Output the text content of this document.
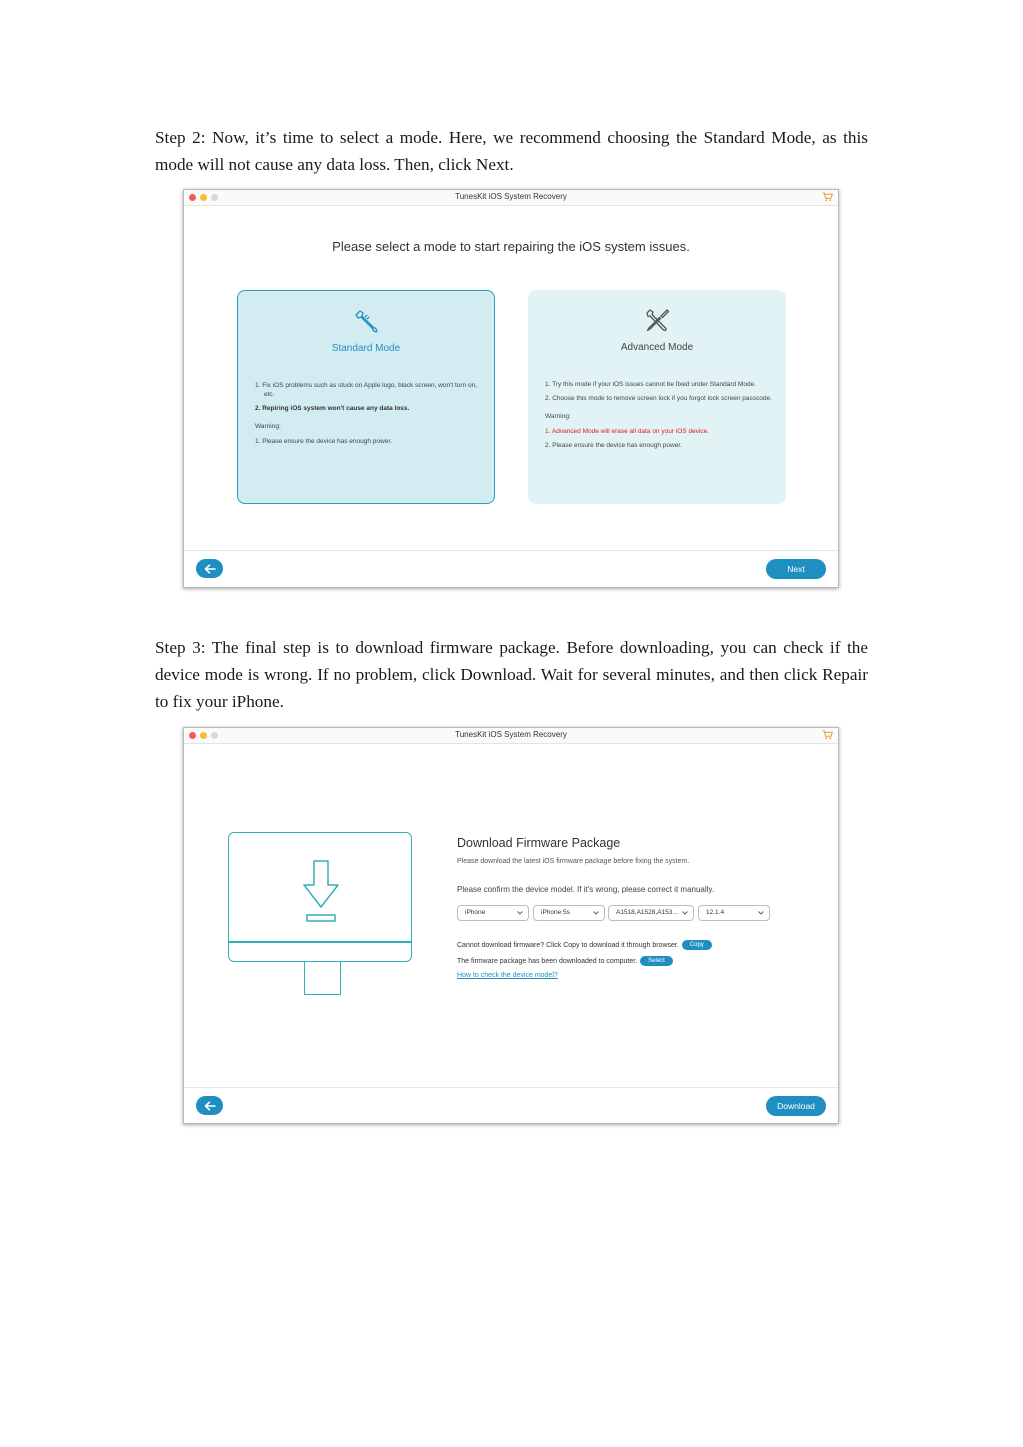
Step 2: Now, it’s time to select a mode. Here, we recommend choosing the Standard Mode, as this mode will not cause any data loss. Then, click Next.

TunesKit iOS System Recovery
Please select a mode to start repairing the iOS system issues.
Standard Mode
1. Fix iOS problems such as stuck on Apple logo, black screen, won't turn on, etc.
2. Repiring iOS system won't cause any data loss.
Warning:
1. Please ensure the device has enough power.
Advanced Mode
1. Try this mode if your iOS issues cannot be fixed under Standard Mode.
2. Choose this mode to remove screen lock if you forgot lock screen passcode.
Warning:
1. Advanced Mode will erase all data on your iOS device.
2. Please ensure the device has enough power.
Next

Step 3: The final step is to download firmware package. Before downloading, you can check if the device mode is wrong. If no problem, click Download. Wait for several minutes, and then click Repair to fix your iPhone.

TunesKit iOS System Recovery
Download Firmware Package
Please download the latest iOS firmware package before fixing the system.
Please confirm the device model. If it's wrong, please correct it manually.
iPhone	iPhone 5s	A1518,A1528,A153...	12.1.4
Cannot download firmware? Click Copy to download it through browser. Copy
The firmware package has been downloaded to computer. Select
How to check the device model?
Download
